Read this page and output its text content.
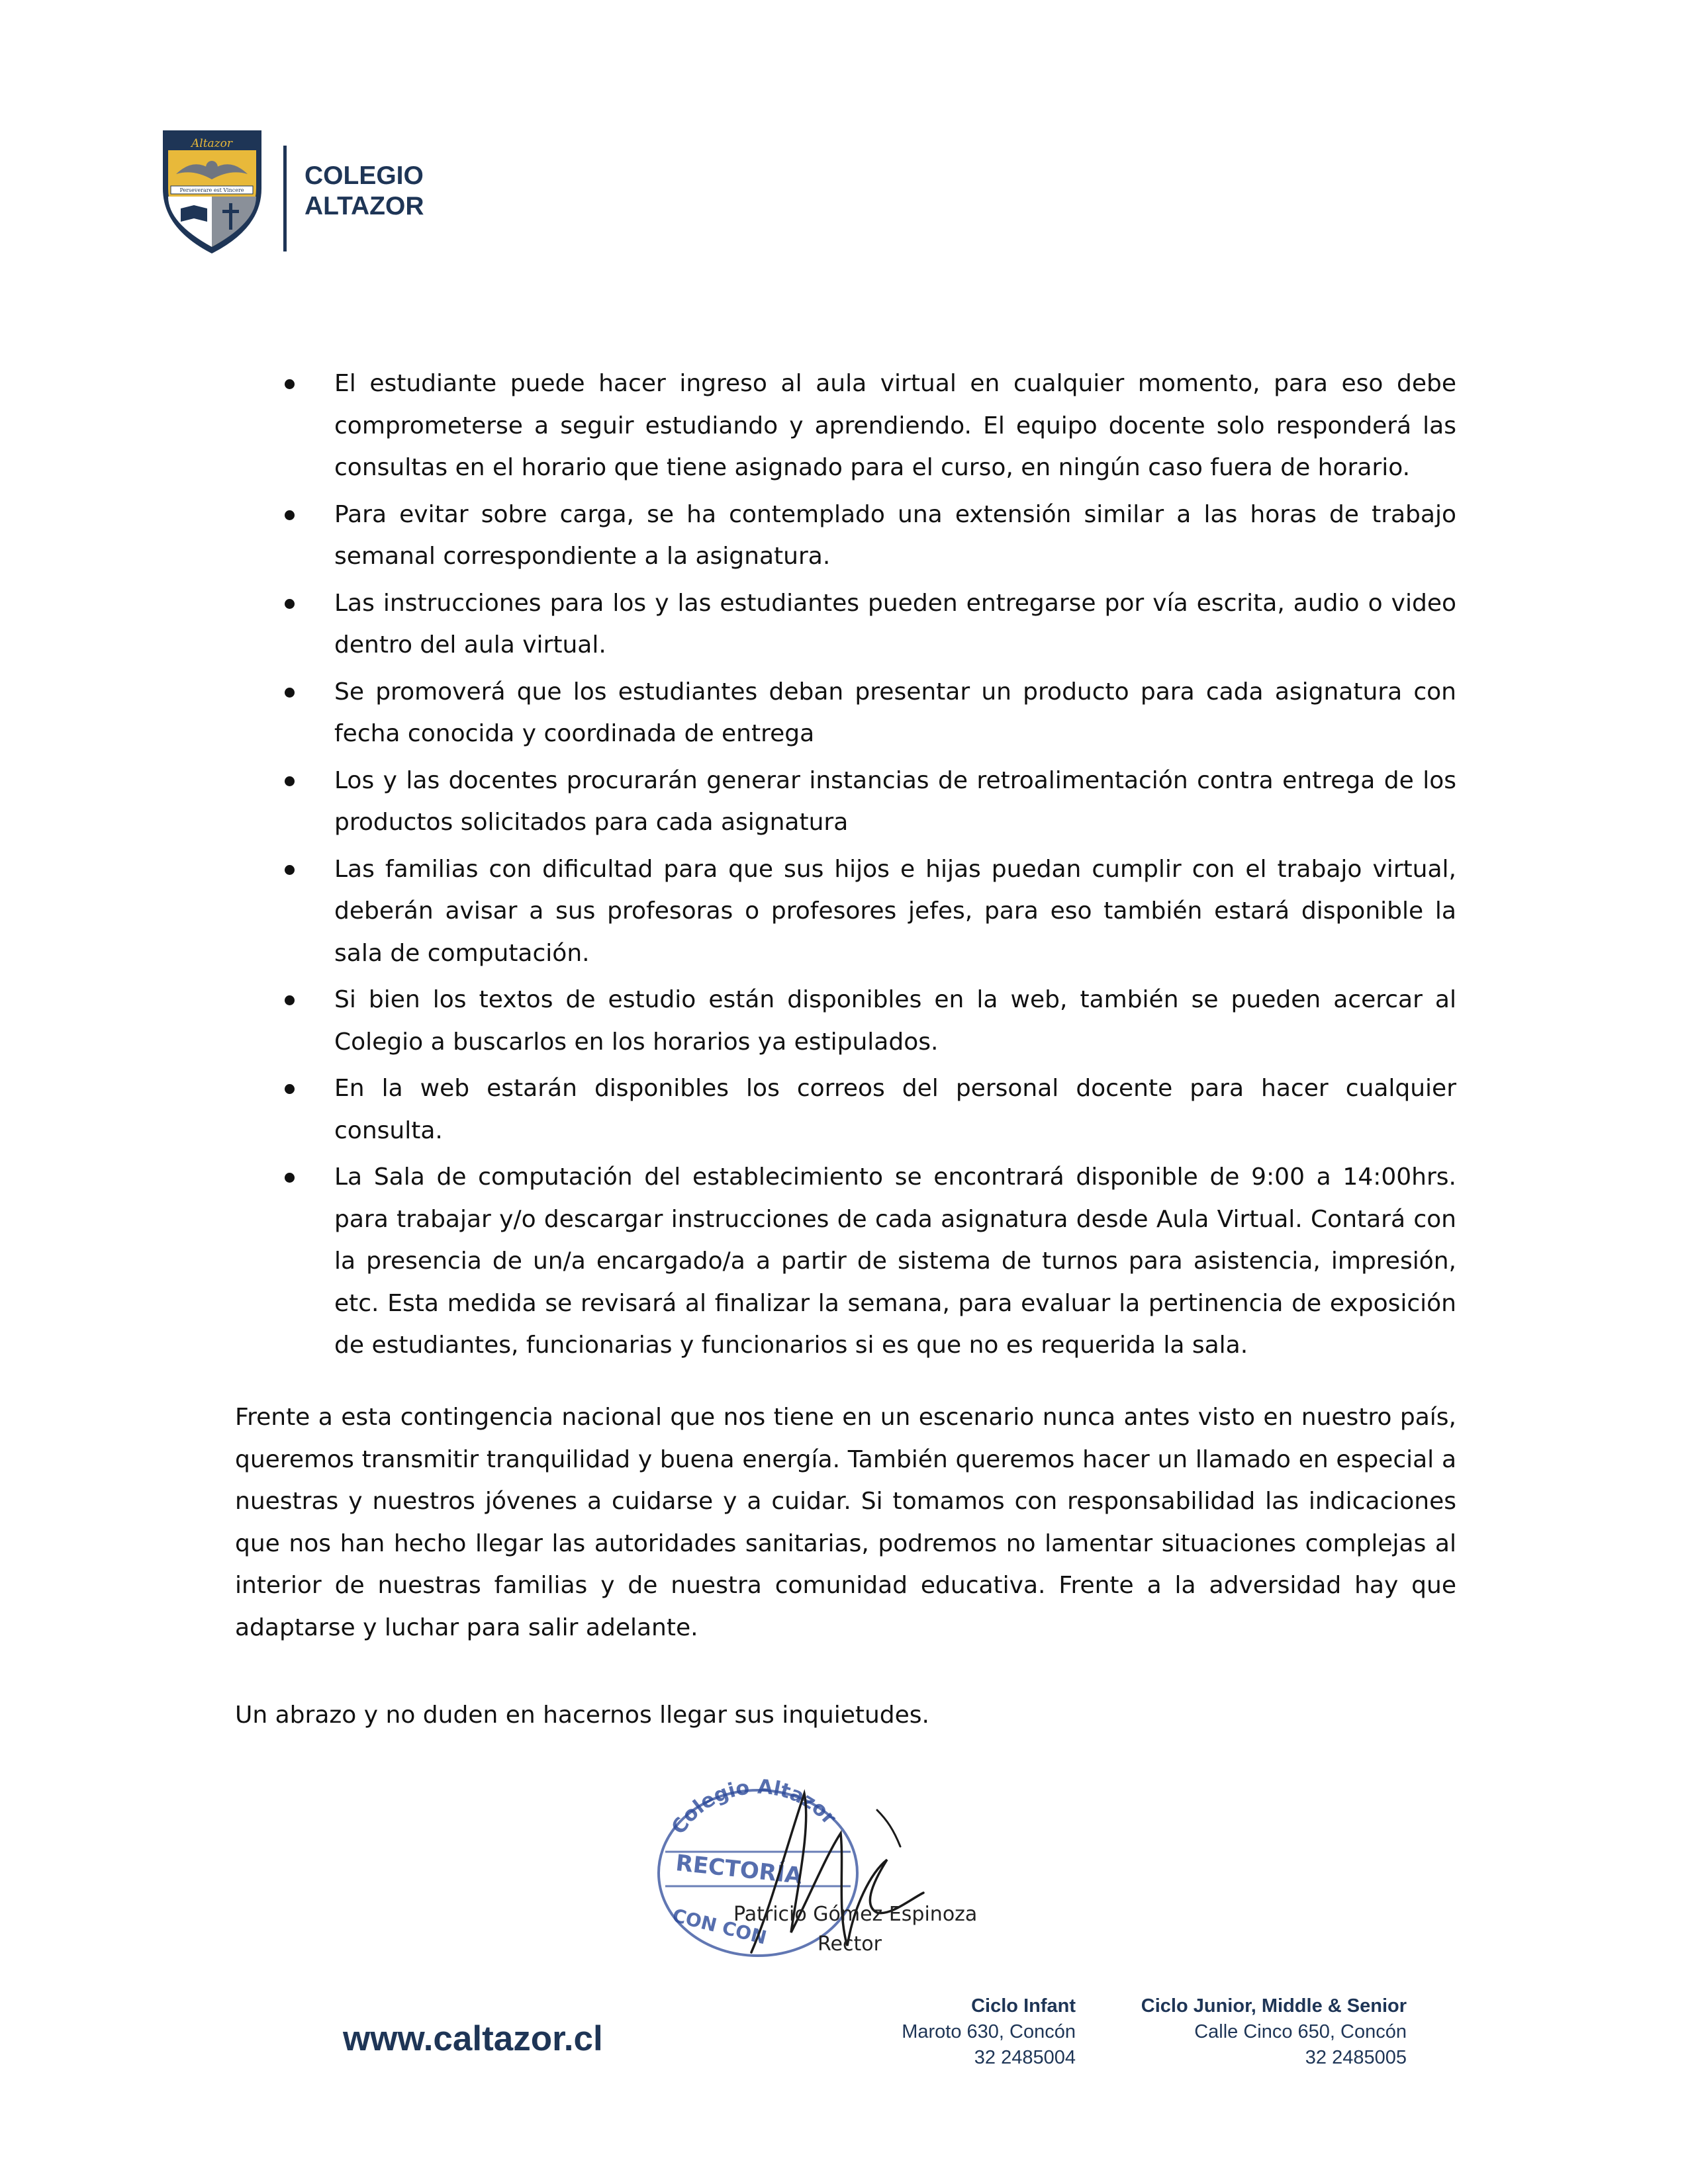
Altazor
Perseverare est Vincere
COLEGIO
ALTAZOR
El estudiante puede hacer ingreso al aula virtual en cualquier momento, para eso debe comprometerse a seguir estudiando y aprendiendo. El equipo docente solo responderá las consultas en el horario que tiene asignado para el curso, en ningún caso fuera de horario.
Para evitar sobre carga, se ha contemplado una extensión similar a las horas de trabajo semanal correspondiente a la asignatura.
Las instrucciones para los y las estudiantes pueden entregarse por vía escrita, audio o video dentro del aula virtual.
Se promoverá que los estudiantes deban presentar un producto para cada asignatura con fecha conocida y coordinada de entrega
Los y las docentes procurarán generar instancias de retroalimentación contra entrega de los productos solicitados para cada asignatura
Las familias con dificultad para que sus hijos e hijas puedan cumplir con el trabajo virtual, deberán avisar a sus profesoras o profesores jefes, para eso también estará disponible la sala de computación.
Si bien los textos de estudio están disponibles en la web, también se pueden acercar al Colegio a buscarlos en los horarios ya estipulados.
En la web estarán disponibles los correos del personal docente para hacer cualquier consulta.
La Sala de computación del establecimiento se encontrará disponible de 9:00 a 14:00hrs. para trabajar y/o descargar instrucciones de cada asignatura desde Aula Virtual. Contará con la presencia de un/a encargado/a a partir de sistema de turnos para asistencia, impresión, etc. Esta medida se revisará al finalizar la semana, para evaluar la pertinencia de exposición de estudiantes, funcionarias y funcionarios si es que no es requerida la sala.

Frente a esta contingencia nacional que nos tiene en un escenario nunca antes visto en nuestro país, queremos transmitir tranquilidad y buena energía. También queremos hacer un llamado en especial a nuestras y nuestros jóvenes a cuidarse y a cuidar. Si tomamos con responsabilidad las indicaciones que nos han hecho llegar las autoridades sanitarias, podremos no lamentar situaciones complejas al interior de nuestras familias y de nuestra comunidad educativa. Frente a la adversidad hay que adaptarse y luchar para salir adelante.

Un abrazo y no duden en hacernos llegar sus inquietudes.

Colegio Altazor
RECTORÍA
CON CON
Patricio Gómez Espinoza
Rector
www.caltazor.cl
Ciclo Infant
Maroto 630, Concón
32 2485004
Ciclo Junior, Middle & Senior
Calle Cinco 650, Concón
32 2485005
